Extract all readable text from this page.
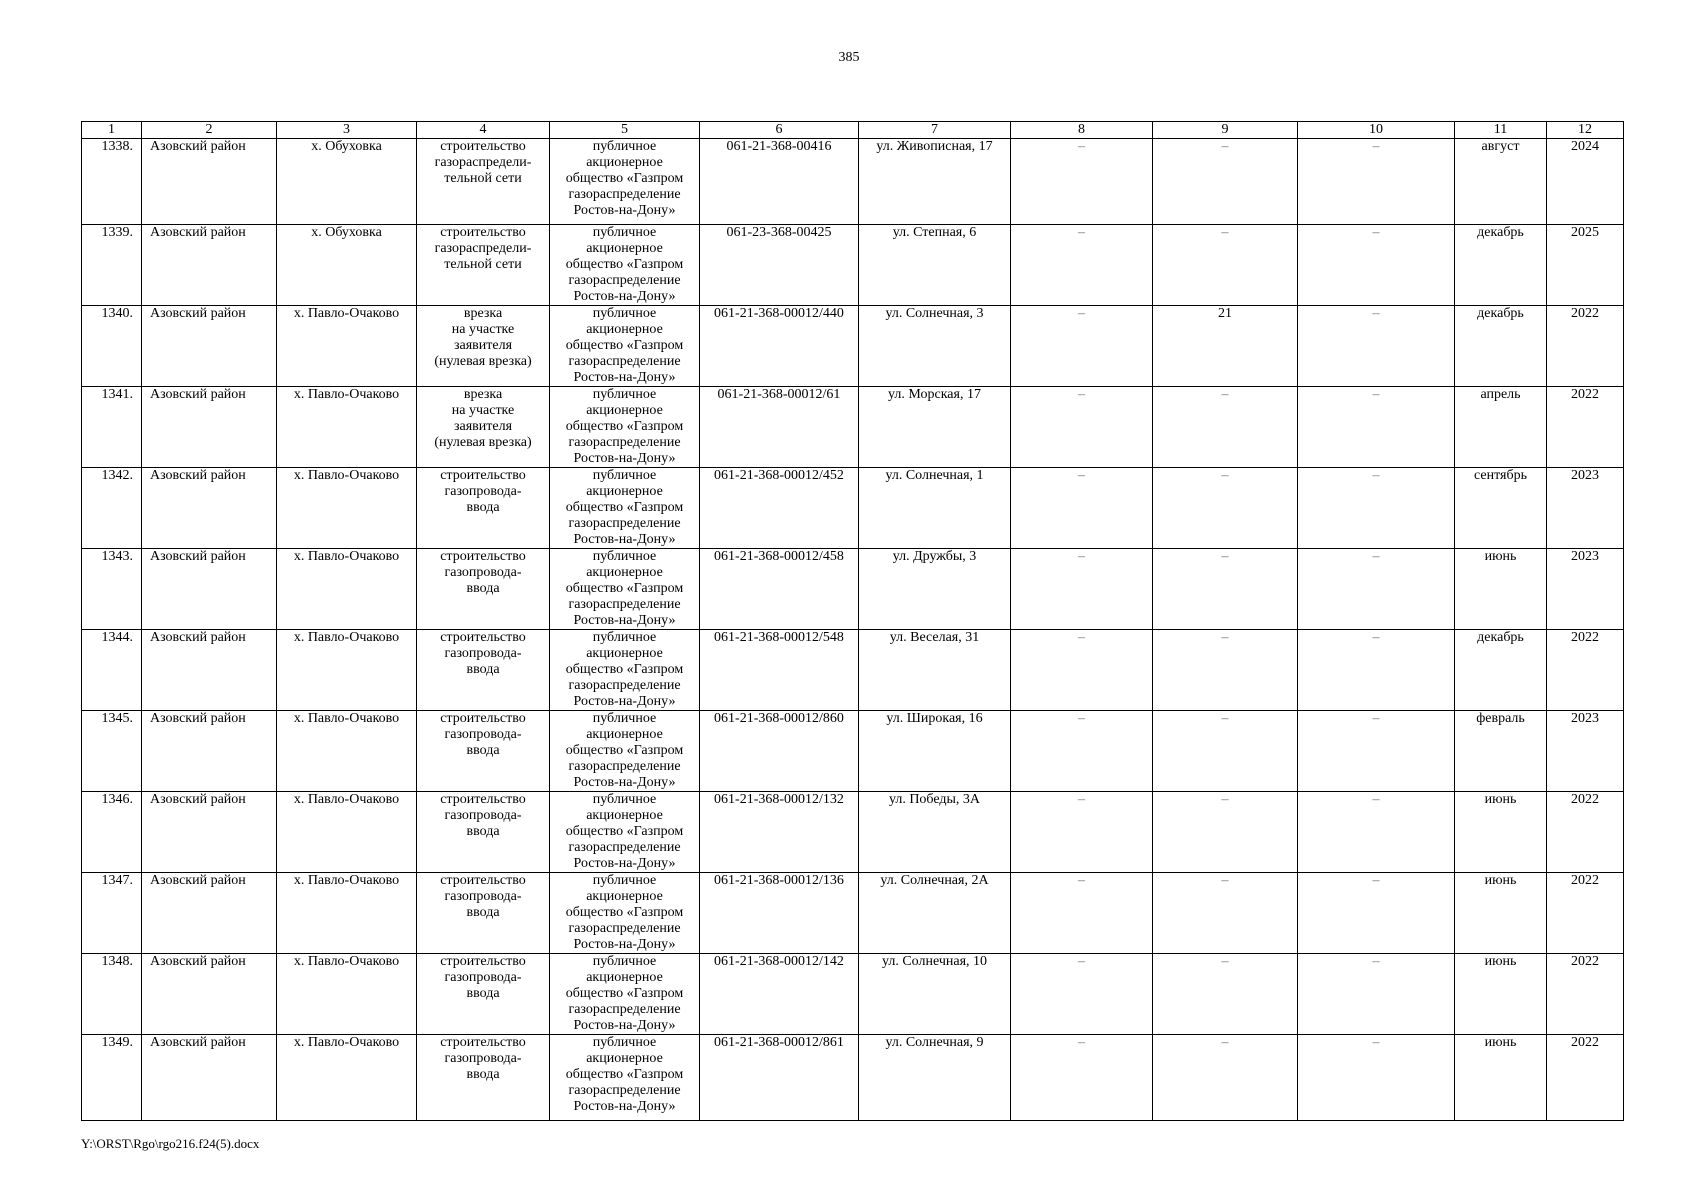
385
1	2	3	4	5	6	7	8	9	10	11	12
1338.	Азовский район	х. Обуховка	строительство
газораспредели-
тельной сети	публичное
акционерное
общество «Газпром
газораспределение
Ростов-на-Дону»	061-21-368-00416	ул. Живописная, 17	–	–	–	август	2024
1339.	Азовский район	х. Обуховка	строительство
газораспредели-
тельной сети	публичное
акционерное
общество «Газпром
газораспределение
Ростов-на-Дону»	061-23-368-00425	ул. Степная, 6	–	–	–	декабрь	2025
1340.	Азовский район	х. Павло-Очаково	врезка
на участке
заявителя
(нулевая врезка)	публичное
акционерное
общество «Газпром
газораспределение
Ростов-на-Дону»	061-21-368-00012/440	ул. Солнечная, 3	–	21	–	декабрь	2022
1341.	Азовский район	х. Павло-Очаково	врезка
на участке
заявителя
(нулевая врезка)	публичное
акционерное
общество «Газпром
газораспределение
Ростов-на-Дону»	061-21-368-00012/61	ул. Морская, 17	–	–	–	апрель	2022
1342.	Азовский район	х. Павло-Очаково	строительство
газопровода-
ввода	публичное
акционерное
общество «Газпром
газораспределение
Ростов-на-Дону»	061-21-368-00012/452	ул. Солнечная, 1	–	–	–	сентябрь	2023
1343.	Азовский район	х. Павло-Очаково	строительство
газопровода-
ввода	публичное
акционерное
общество «Газпром
газораспределение
Ростов-на-Дону»	061-21-368-00012/458	ул. Дружбы, 3	–	–	–	июнь	2023
1344.	Азовский район	х. Павло-Очаково	строительство
газопровода-
ввода	публичное
акционерное
общество «Газпром
газораспределение
Ростов-на-Дону»	061-21-368-00012/548	ул. Веселая, 31	–	–	–	декабрь	2022
1345.	Азовский район	х. Павло-Очаково	строительство
газопровода-
ввода	публичное
акционерное
общество «Газпром
газораспределение
Ростов-на-Дону»	061-21-368-00012/860	ул. Широкая, 16	–	–	–	февраль	2023
1346.	Азовский район	х. Павло-Очаково	строительство
газопровода-
ввода	публичное
акционерное
общество «Газпром
газораспределение
Ростов-на-Дону»	061-21-368-00012/132	ул. Победы, 3А	–	–	–	июнь	2022
1347.	Азовский район	х. Павло-Очаково	строительство
газопровода-
ввода	публичное
акционерное
общество «Газпром
газораспределение
Ростов-на-Дону»	061-21-368-00012/136	ул. Солнечная, 2А	–	–	–	июнь	2022
1348.	Азовский район	х. Павло-Очаково	строительство
газопровода-
ввода	публичное
акционерное
общество «Газпром
газораспределение
Ростов-на-Дону»	061-21-368-00012/142	ул. Солнечная, 10	–	–	–	июнь	2022
1349.	Азовский район	х. Павло-Очаково	строительство
газопровода-
ввода	публичное
акционерное
общество «Газпром
газораспределение
Ростов-на-Дону»	061-21-368-00012/861	ул. Солнечная, 9	–	–	–	июнь	2022
Y:\ORST\Rgo\rgo216.f24(5).docx
